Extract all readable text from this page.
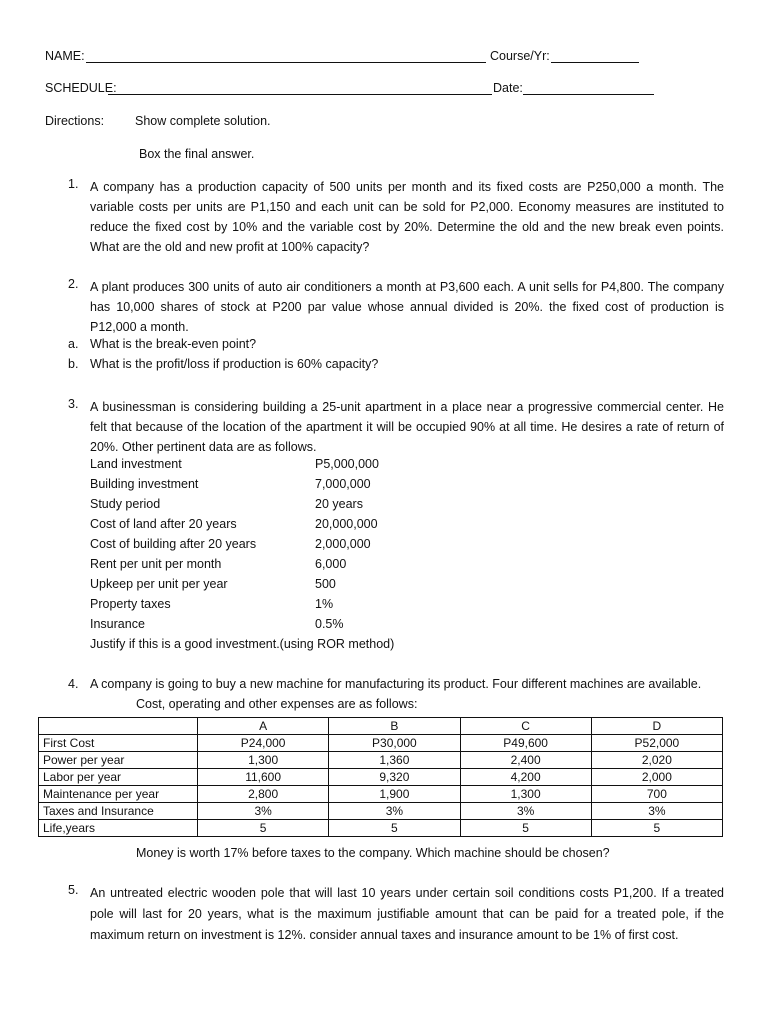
NAME:	Course/Yr:
SCHEDULE:	Date:
Directions: Show complete solution.
Box the final answer.
1. A company has a production capacity of 500 units per month and its fixed costs are P250,000 a month. The variable costs per units are P1,150 and each unit can be sold for P2,000. Economy measures are instituted to reduce the fixed cost by 10% and the variable cost by 20%. Determine the old and the new break even points. What are the old and new profit at 100% capacity?
2. A plant produces 300 units of auto air conditioners a month at P3,600 each. A unit sells for P4,800. The company has 10,000 shares of stock at P200 par value whose annual divided is 20%. the fixed cost of production is P12,000 a month.
a. What is the break-even point?
b. What is the profit/loss if production is 60% capacity?
3. A businessman is considering building a 25-unit apartment in a place near a progressive commercial center. He felt that because of the location of the apartment it will be occupied 90% at all time. He desires a rate of return of 20%. Other pertinent data are as follows.
Land investment	P5,000,000
Building investment	7,000,000
Study period	20 years
Cost of land after 20 years	20,000,000
Cost of building after 20 years	2,000,000
Rent per unit per month	6,000
Upkeep per unit per year	500
Property taxes	1%
Insurance	0.5%
Justify if this is a good investment.(using ROR method)
4. A company is going to buy a new machine for manufacturing its product. Four different machines are available.
Cost, operating and other expenses are as follows:
	A	B	C	D
First Cost	P24,000	P30,000	P49,600	P52,000
Power per year	1,300	1,360	2,400	2,020
Labor per year	11,600	9,320	4,200	2,000
Maintenance per year	2,800	1,900	1,300	700
Taxes and Insurance	3%	3%	3%	3%
Life,years	5	5	5	5
Money is worth 17% before taxes to the company. Which machine should be chosen?
5. An untreated electric wooden pole that will last 10 years under certain soil conditions costs P1,200. If a treated pole will last for 20 years, what is the maximum justifiable amount that can be paid for a treated pole, if the maximum return on investment is 12%. consider annual taxes and insurance amount to be 1% of first cost.
